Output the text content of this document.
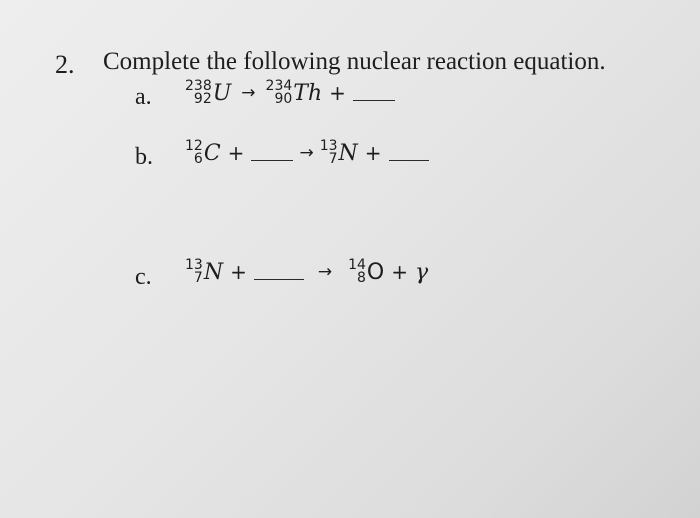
2. Complete the following nuclear reaction equation.
a. 238
92 U → 234
90 Th +
b. 12
6 C +	→ 13
7 N +
c. 13
7 N +	→ 14
8 O + γ
